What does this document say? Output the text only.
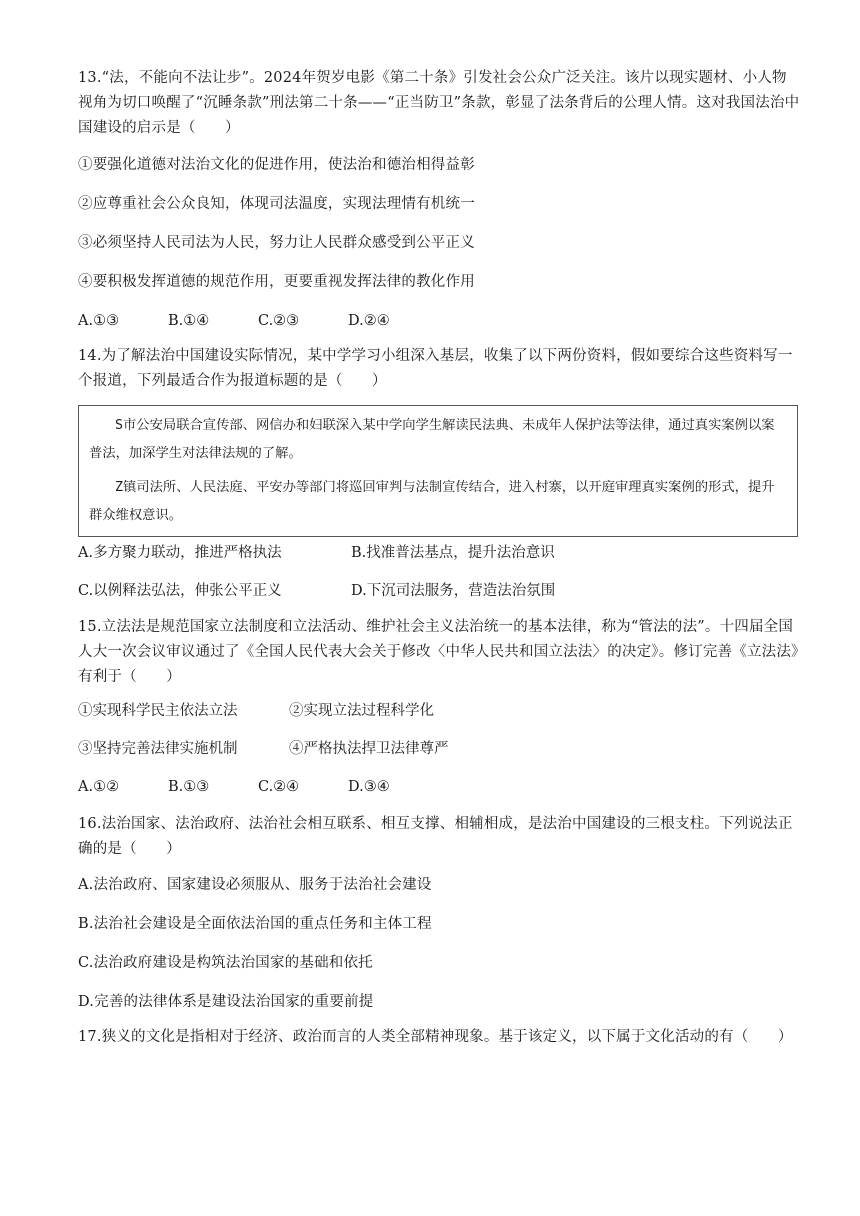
13.“法，不能向不法让步”。2024年贺岁电影《第二十条》引发社会公众广泛关注。该片以现实题材、小人物视角为切口唤醒了“沉睡条款”刑法第二十条——“正当防卫”条款，彰显了法条背后的公理人情。这对我国法治中国建设的启示是（　　）

①要强化道德对法治文化的促进作用，使法治和德治相得益彰

②应尊重社会公众良知，体现司法温度，实现法理情有机统一

③必须坚持人民司法为人民，努力让人民群众感受到公平正义

④要积极发挥道德的规范作用，更要重视发挥法律的教化作用

A.①③	B.①④	C.②③	D.②④

14.为了解法治中国建设实际情况，某中学学习小组深入基层，收集了以下两份资料，假如要综合这些资料写一个报道，下列最适合作为报道标题的是（　　）

S市公安局联合宣传部、网信办和妇联深入某中学向学生解读民法典、未成年人保护法等法律，通过真实案例以案普法，加深学生对法律法规的了解。

Z镇司法所、人民法庭、平安办等部门将巡回审判与法制宣传结合，进入村寨，以开庭审理真实案例的形式，提升群众维权意识。

A.多方聚力联动，推进严格执法	B.找准普法基点，提升法治意识
C.以例释法弘法，伸张公平正义	D.下沉司法服务，营造法治氛围

15.立法法是规范国家立法制度和立法活动、维护社会主义法治统一的基本法律，称为“管法的法”。十四届全国人大一次会议审议通过了《全国人民代表大会关于修改〈中华人民共和国立法法〉的决定》。修订完善《立法法》有利于（　　）

①实现科学民主依法立法	②实现立法过程科学化
③坚持完善法律实施机制	④严格执法捍卫法律尊严
A.①②	B.①③	C.②④	D.③④

16.法治国家、法治政府、法治社会相互联系、相互支撑、相辅相成，是法治中国建设的三根支柱。下列说法正确的是（　　）

A.法治政府、国家建设必须服从、服务于法治社会建设

B.法治社会建设是全面依法治国的重点任务和主体工程

C.法治政府建设是构筑法治国家的基础和依托

D.完善的法律体系是建设法治国家的重要前提

17.狭义的文化是指相对于经济、政治而言的人类全部精神现象。基于该定义，以下属于文化活动的有（　　）
